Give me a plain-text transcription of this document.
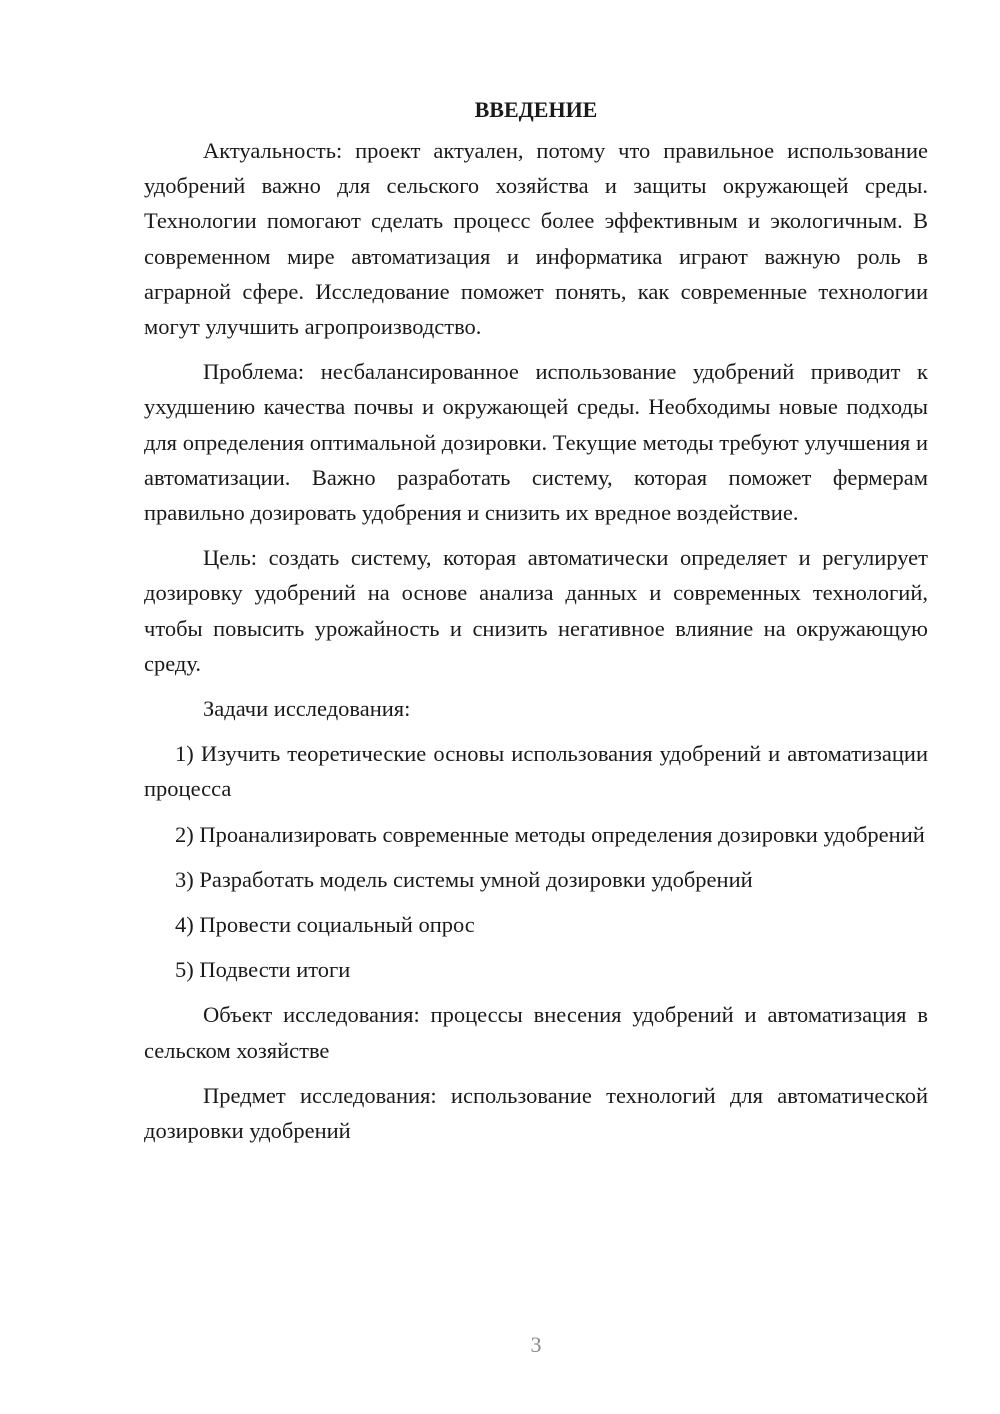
ВВЕДЕНИЕ

Актуальность: проект актуален, потому что правильное использование удобрений важно для сельского хозяйства и защиты окружающей среды. Технологии помогают сделать процесс более эффективным и экологичным. В современном мире автоматизация и информатика играют важную роль в аграрной сфере. Исследование поможет понять, как современные технологии могут улучшить агропроизводство.

Проблема: несбалансированное использование удобрений приводит к ухудшению качества почвы и окружающей среды. Необходимы новые подходы для определения оптимальной дозировки. Текущие методы требуют улучшения и автоматизации. Важно разработать систему, которая поможет фермерам правильно дозировать удобрения и снизить их вредное воздействие.

Цель: создать систему, которая автоматически определяет и регулирует дозировку удобрений на основе анализа данных и современных технологий, чтобы повысить урожайность и снизить негативное влияние на окружающую среду.

Задачи исследования:

1) Изучить теоретические основы использования удобрений и автоматизации процесса

2) Проанализировать современные методы определения дозировки удобрений

3) Разработать модель системы умной дозировки удобрений

4) Провести социальный опрос

5) Подвести итоги

Объект исследования: процессы внесения удобрений и автоматизация в сельском хозяйстве

Предмет исследования: использование технологий для автоматической дозировки удобрений

3
